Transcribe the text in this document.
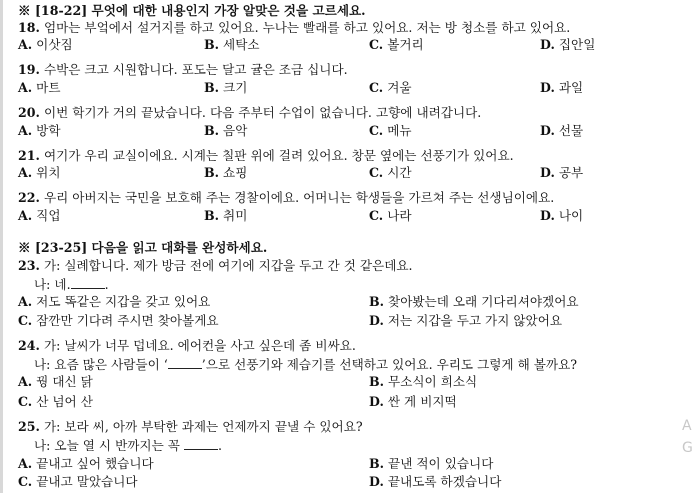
※ [18-22] 무엇에 대한 내용인지 가장 알맞은 것을 고르세요.
18. 엄마는 부엌에서 설거지를 하고 있어요. 누나는 빨래를 하고 있어요. 저는 방 청소를 하고 있어요.
A. 이삿짐	B. 세탁소	C. 볼거리	D. 집안일
19. 수박은 크고 시원합니다. 포도는 달고 귤은 조금 십니다.
A. 마트	B. 크기	C. 겨울	D. 과일
20. 이번 학기가 거의 끝났습니다. 다음 주부터 수업이 없습니다. 고향에 내려갑니다.
A. 방학	B. 음악	C. 메뉴	D. 선물
21. 여기가 우리 교실이에요. 시계는 칠판 위에 걸려 있어요. 창문 옆에는 선풍기가 있어요.
A. 위치	B. 쇼핑	C. 시간	D. 공부
22. 우리 아버지는 국민을 보호해 주는 경찰이에요. 어머니는 학생들을 가르쳐 주는 선생님이에요.
A. 직업	B. 취미	C. 나라	D. 나이
※ [23-25] 다음을 읽고 대화를 완성하세요.
23. 가: 실례합니다. 제가 방금 전에 여기에 지갑을 두고 간 것 같은데요.
나: 네.	.
A. 저도 똑같은 지갑을 갖고 있어요	B. 찾아봤는데 오래 기다리셔야겠어요
C. 잠깐만 기다려 주시면 찾아볼게요	D. 저는 지갑을 두고 가지 않았어요
24. 가: 날씨가 너무 덥네요. 에어컨을 사고 싶은데 좀 비싸요.
나: 요즘 많은 사람들이 ‘	’으로 선풍기와 제습기를 선택하고 있어요. 우리도 그렇게 해 볼까요?
A. 꿩 대신 닭	B. 무소식이 희소식
C. 산 넘어 산	D. 싼 게 비지떡
25. 가: 보라 씨, 아까 부탁한 과제는 언제까지 끝낼 수 있어요?
나: 오늘 열 시 반까지는 꼭	.
A. 끝내고 싶어 했습니다	B. 끝낸 적이 있습니다
C. 끝내고 말았습니다	D. 끝내도록 하겠습니다
A
G
